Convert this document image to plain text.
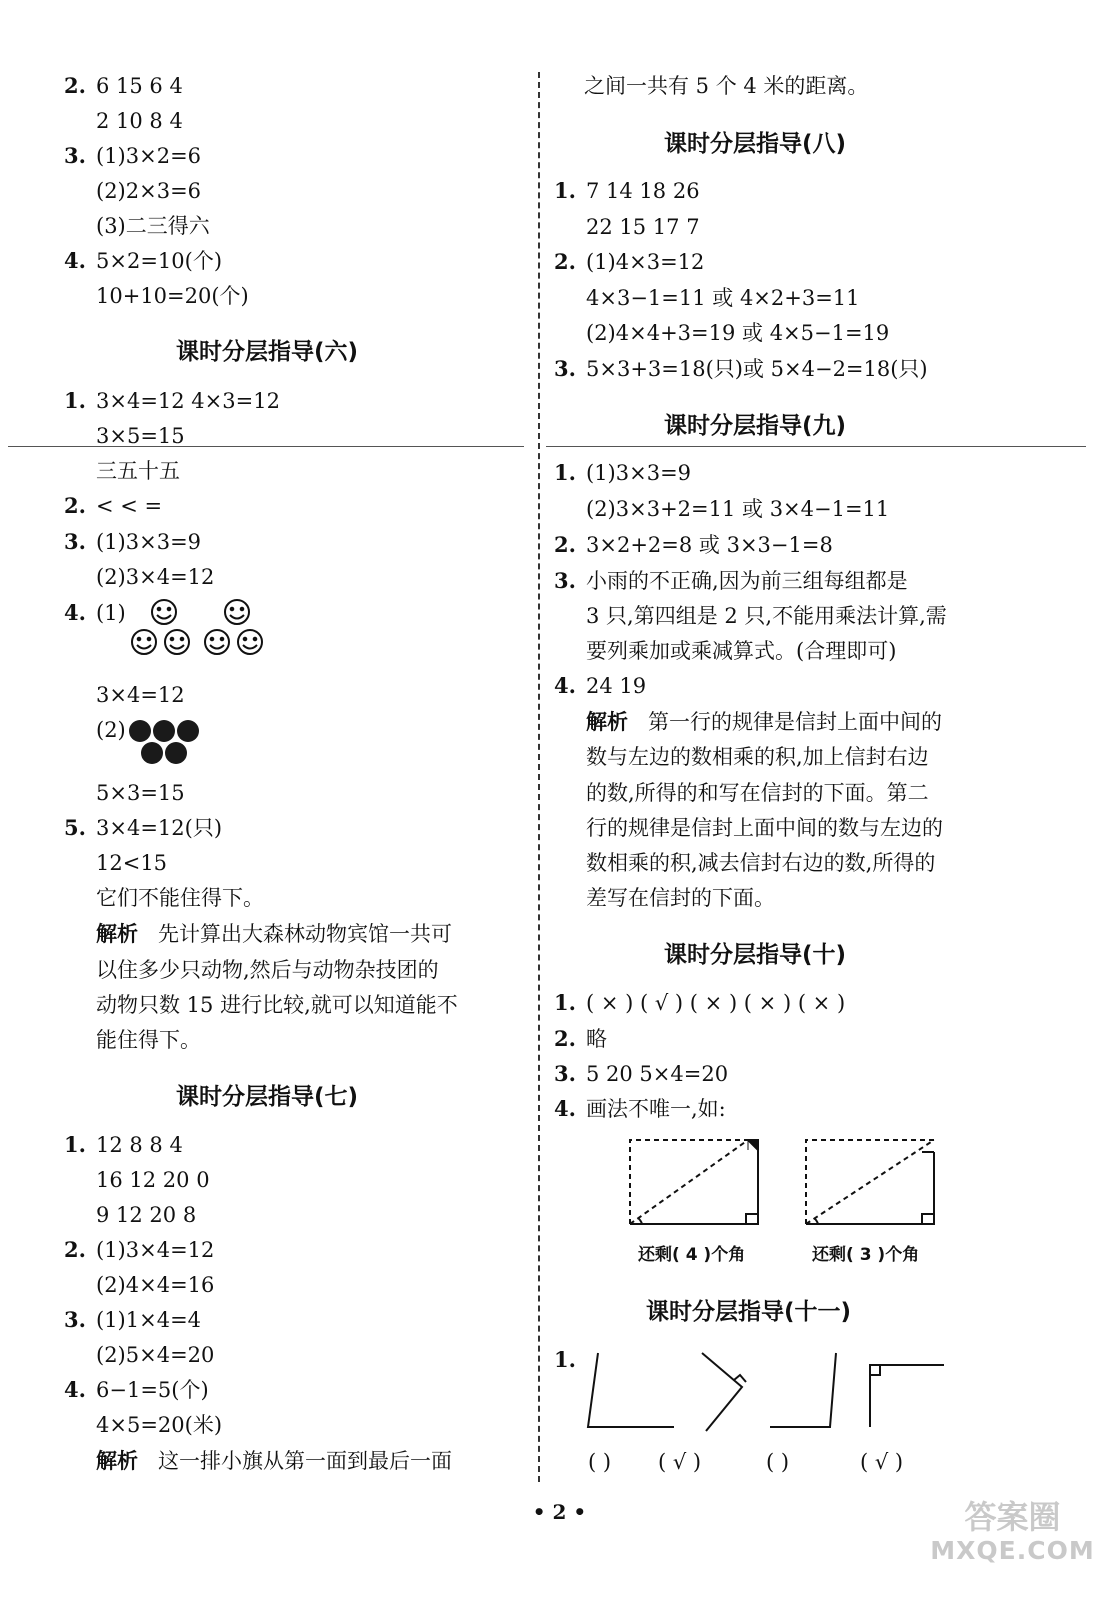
2. 6 15 6 4
2 10 8 4
3. (1)3×2=6
(2)2×3=6
(3)二三得六
4. 5×2=10(个)
10+10=20(个)
课时分层指导(六)
1. 3×4=12 4×3=12
3×5=15
三五十五
2. < < =
3. (1)3×3=9
(2)3×4=12
4. (1)
3×4=12
(2)
5×3=15
5. 3×4=12(只)
12<15
它们不能住得下。
解析 先计算出大森林动物宾馆一共可
以住多少只动物,然后与动物杂技团的
动物只数 15 进行比较,就可以知道能不
能住得下。
课时分层指导(七)
1. 12 8 8 4
16 12 20 0
9 12 20 8
2. (1)3×4=12
(2)4×4=16
3. (1)1×4=4
(2)5×4=20
4. 6−1=5(个)
4×5=20(米)
解析 这一排小旗从第一面到最后一面
之间一共有 5 个 4 米的距离。
课时分层指导(八)
1. 7 14 18 26
22 15 17 7
2. (1)4×3=12
4×3−1=11 或 4×2+3=11
(2)4×4+3=19 或 4×5−1=19
3. 5×3+3=18(只)或 5×4−2=18(只)
课时分层指导(九)
1. (1)3×3=9
(2)3×3+2=11 或 3×4−1=11
2. 3×2+2=8 或 3×3−1=8
3. 小雨的不正确,因为前三组每组都是
3 只,第四组是 2 只,不能用乘法计算,需
要列乘加或乘减算式。(合理即可)
4. 24 19
解析 第一行的规律是信封上面中间的
数与左边的数相乘的积,加上信封右边
的数,所得的和写在信封的下面。第二
行的规律是信封上面中间的数与左边的
数相乘的积,减去信封右边的数,所得的
差写在信封的下面。
课时分层指导(十)
1. ( × ) ( √ ) ( × ) ( × ) ( × )
2. 略
3. 5 20 5×4=20
4. 画法不唯一,如:
还剩( 4 )个角	还剩( 3 )个角
课时分层指导(十一)
1.
( ) ( √ )	( )	( √ )
• 2 •	答案圈
MXQE.COM
